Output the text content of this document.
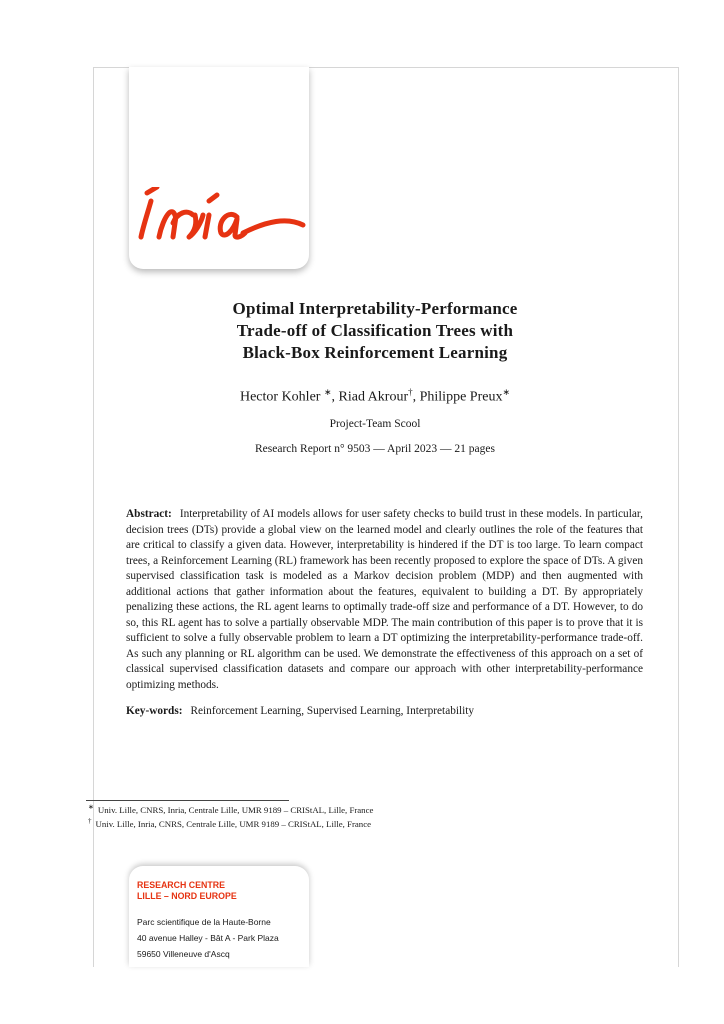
Optimal Interpretability-Performance
Trade-off of Classification Trees with
Black-Box Reinforcement Learning
Hector Kohler ∗, Riad Akrour†, Philippe Preux∗
Project-Team Scool
Research Report n° 9503 — April 2023 — 21 pages
Abstract: Interpretability of AI models allows for user safety checks to build trust in these models. In particular, decision trees (DTs) provide a global view on the learned model and clearly outlines the role of the features that are critical to classify a given data. However, interpretability is hindered if the DT is too large. To learn compact trees, a Reinforcement Learning (RL) framework has been recently proposed to explore the space of DTs. A given supervised classification task is modeled as a Markov decision problem (MDP) and then augmented with additional actions that gather information about the features, equivalent to building a DT. By appropriately penalizing these actions, the RL agent learns to optimally trade-off size and performance of a DT. However, to do so, this RL agent has to solve a partially observable MDP. The main contribution of this paper is to prove that it is sufficient to solve a fully observable problem to learn a DT optimizing the interpretability-performance trade-off. As such any planning or RL algorithm can be used. We demonstrate the effectiveness of this approach on a set of classical supervised classification datasets and compare our approach with other interpretability-performance optimizing methods.
Key-words: Reinforcement Learning, Supervised Learning, Interpretability
∗ Univ. Lille, CNRS, Inria, Centrale Lille, UMR 9189 – CRIStAL, Lille, France
† Univ. Lille, Inria, CNRS, Centrale Lille, UMR 9189 – CRIStAL, Lille, France
RESEARCH CENTRE
LILLE – NORD EUROPE
Parc scientifique de la Haute-Borne
40 avenue Halley - Bât A - Park Plaza
59650 Villeneuve d'Ascq
